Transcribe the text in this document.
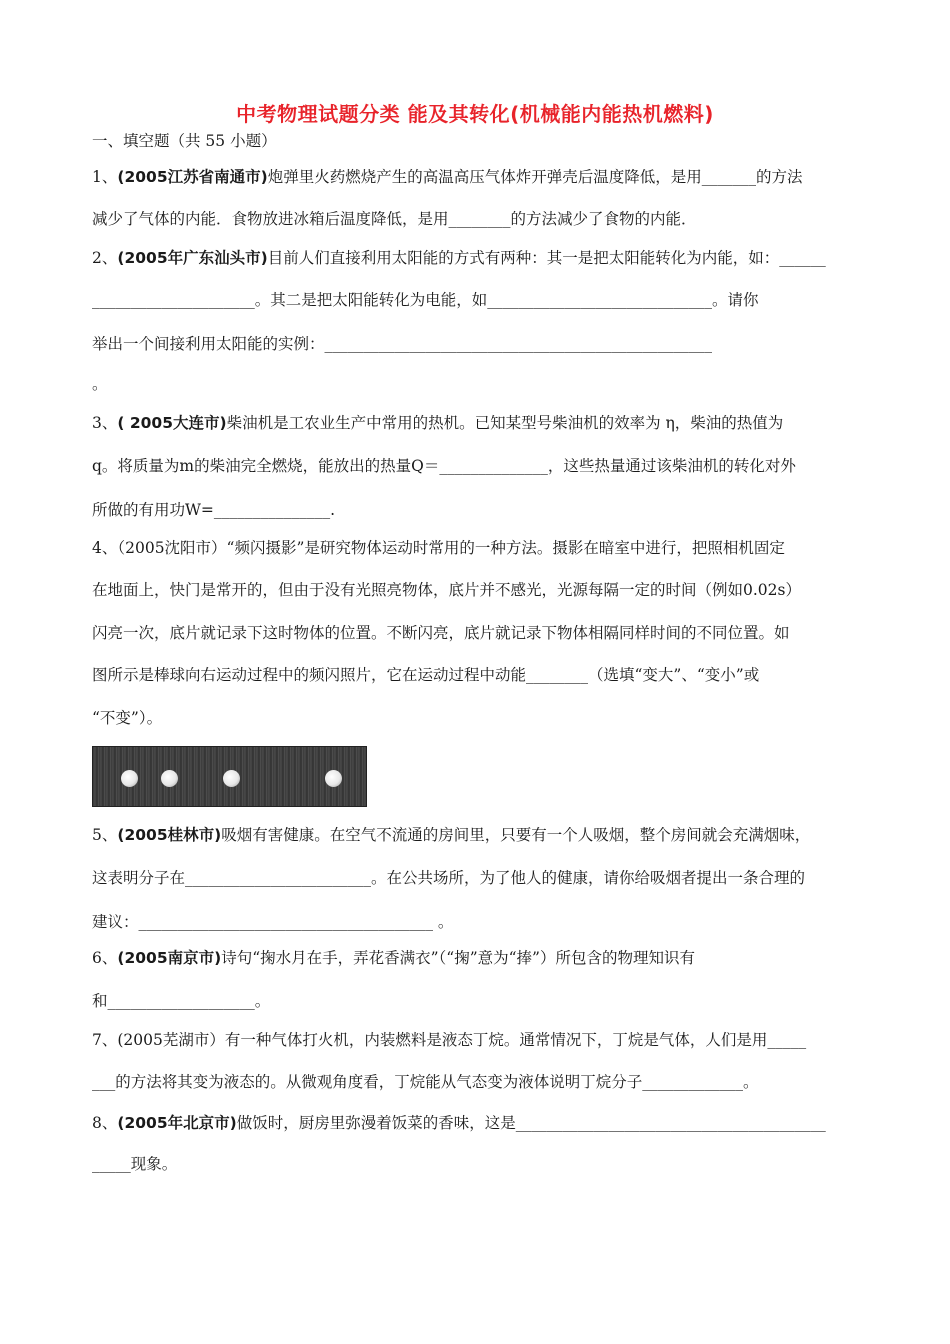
中考物理试题分类 能及其转化(机械能内能热机燃料)
一、填空题（共 55 小题）
1、(2005江苏省南通市)炮弹里火药燃烧产生的高温高压气体炸开弹壳后温度降低，是用_______的方法
减少了气体的内能．食物放进冰箱后温度降低，是用________的方法减少了食物的内能．
2、(2005年广东汕头市)目前人们直接利用太阳能的方式有两种：其一是把太阳能转化为内能，如：______
_____________________。其二是把太阳能转化为电能，如_____________________________。请你
举出一个间接利用太阳能的实例：__________________________________________________
。
3、( 2005大连市)柴油机是工农业生产中常用的热机。已知某型号柴油机的效率为 η，柴油的热值为
q。将质量为m的柴油完全燃烧，能放出的热量Q＝______________，这些热量通过该柴油机的转化对外
所做的有用功W=_______________.
4、（2005沈阳市）“频闪摄影”是研究物体运动时常用的一种方法。摄影在暗室中进行，把照相机固定
在地面上，快门是常开的，但由于没有光照亮物体，底片并不感光，光源每隔一定的时间（例如0.02s）
闪亮一次，底片就记录下这时物体的位置。不断闪亮，底片就记录下物体相隔同样时间的不同位置。如
图所示是棒球向右运动过程中的频闪照片，它在运动过程中动能________（选填“变大”、“变小”或
“不变”）。
5、(2005桂林市)吸烟有害健康。在空气不流通的房间里，只要有一个人吸烟，整个房间就会充满烟味，
这表明分子在________________________。在公共场所，为了他人的健康，请你给吸烟者提出一条合理的
建议：______________________________________ 。
6、(2005南京市)诗句“掬水月在手，弄花香满衣”（“掬”意为“捧”）所包含的物理知识有
和___________________。
7、(2005芜湖市）有一种气体打火机，内装燃料是液态丁烷。通常情况下，丁烷是气体，人们是用_____
___的方法将其变为液态的。从微观角度看，丁烷能从气态变为液体说明丁烷分子_____________。
8、(2005年北京市)做饭时，厨房里弥漫着饭菜的香味，这是________________________________________
_____现象。
